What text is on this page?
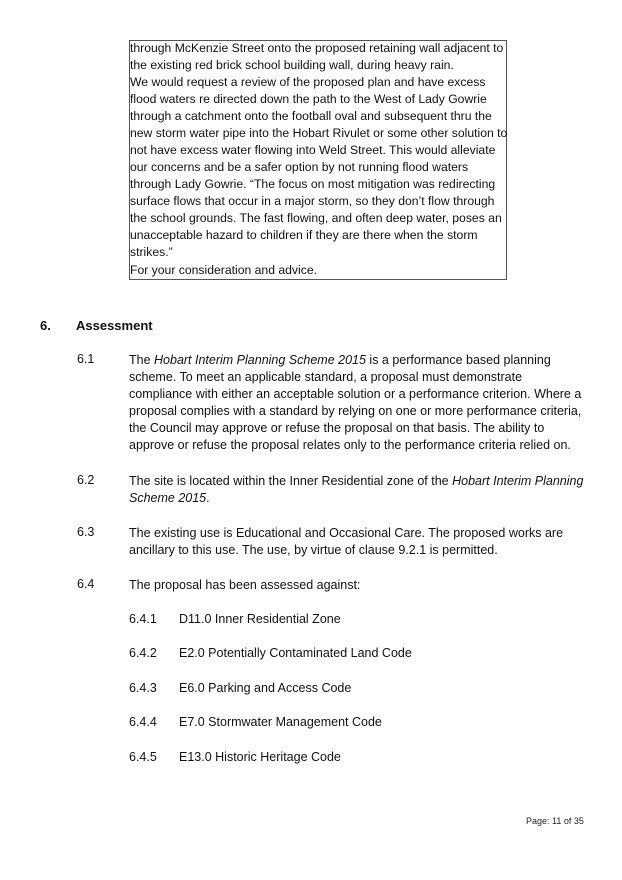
through McKenzie Street onto the proposed retaining wall adjacent to
the existing red brick school building wall, during heavy rain.
We would request a review of the proposed plan and have excess
flood waters re directed down the path to the West of Lady Gowrie
through a catchment onto the football oval and subsequent thru the
new storm water pipe into the Hobart Rivulet or some other solution to
not have excess water flowing into Weld Street. This would alleviate
our concerns and be a safer option by not running flood waters
through Lady Gowrie. “The focus on most mitigation was redirecting
surface flows that occur in a major storm, so they don’t flow through
the school grounds. The fast flowing, and often deep water, poses an
unacceptable hazard to children if they are there when the storm
strikes.”
For your consideration and advice.
6. Assessment
6.1	The Hobart Interim Planning Scheme 2015 is a performance based planning
scheme. To meet an applicable standard, a proposal must demonstrate
compliance with either an acceptable solution or a performance criterion. Where a
proposal complies with a standard by relying on one or more performance criteria,
the Council may approve or refuse the proposal on that basis. The ability to
approve or refuse the proposal relates only to the performance criteria relied on.
6.2	The site is located within the Inner Residential zone of the Hobart Interim Planning
Scheme 2015.
6.3	The existing use is Educational and Occasional Care. The proposed works are
ancillary to this use. The use, by virtue of clause 9.2.1 is permitted.
6.4	The proposal has been assessed against:
6.4.1 D11.0 Inner Residential Zone
6.4.2 E2.0 Potentially Contaminated Land Code
6.4.3 E6.0 Parking and Access Code
6.4.4 E7.0 Stormwater Management Code
6.4.5 E13.0 Historic Heritage Code
Page: 11 of 35
